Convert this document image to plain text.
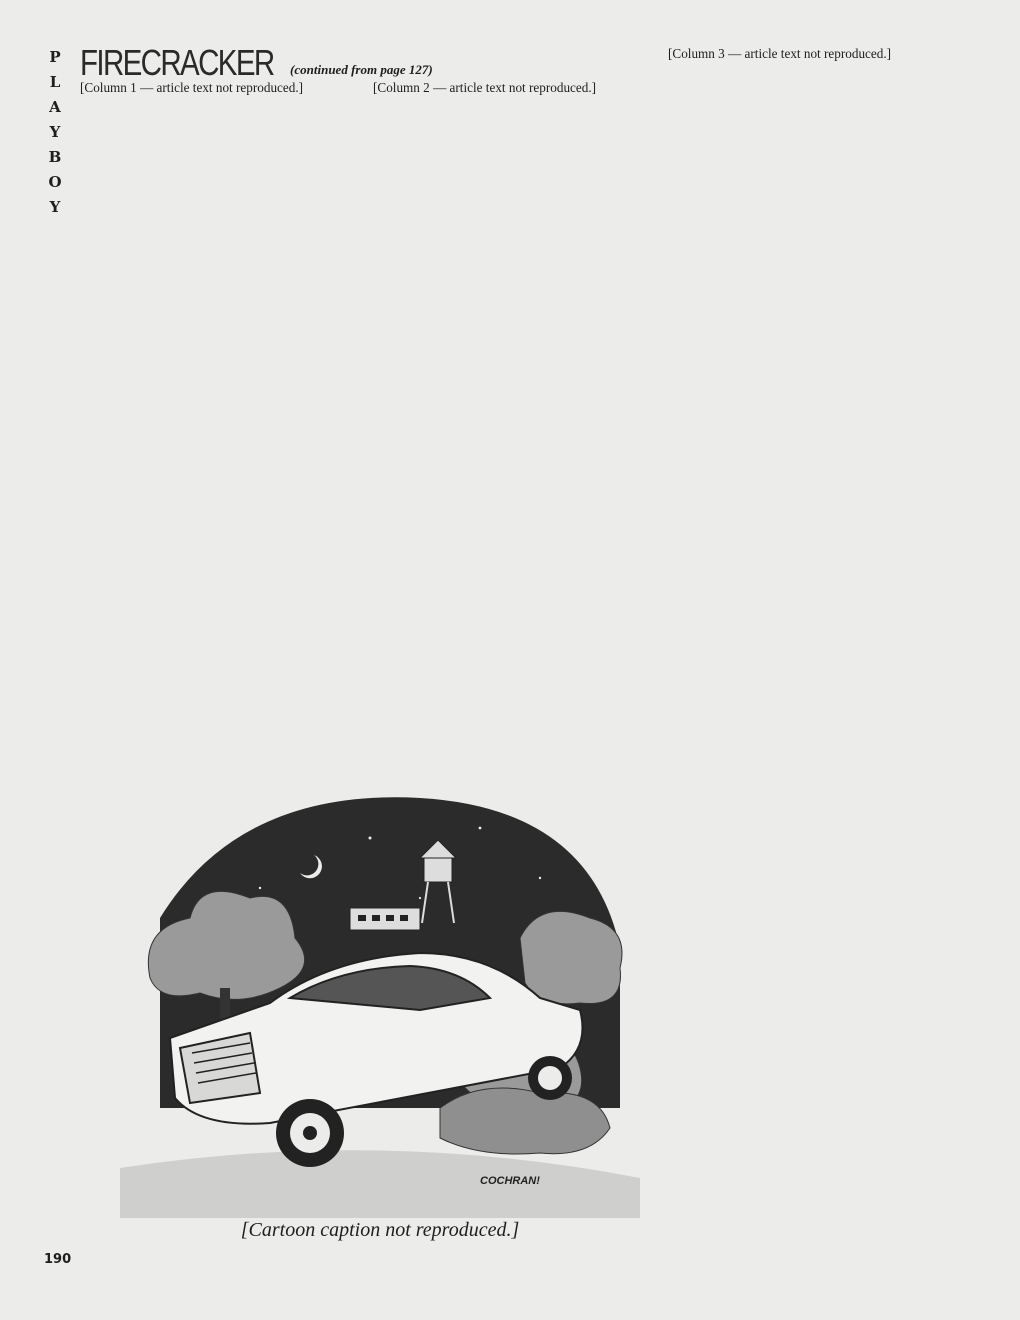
P
L
A
Y
B
O
Y
FIRECRACKER (continued from page 127)

[Column 1 — article text not reproduced.]	[Column 2 — article text not reproduced.]

[Column 3 — article text not reproduced.]

COCHRAN!
[Cartoon caption not reproduced.]
190
